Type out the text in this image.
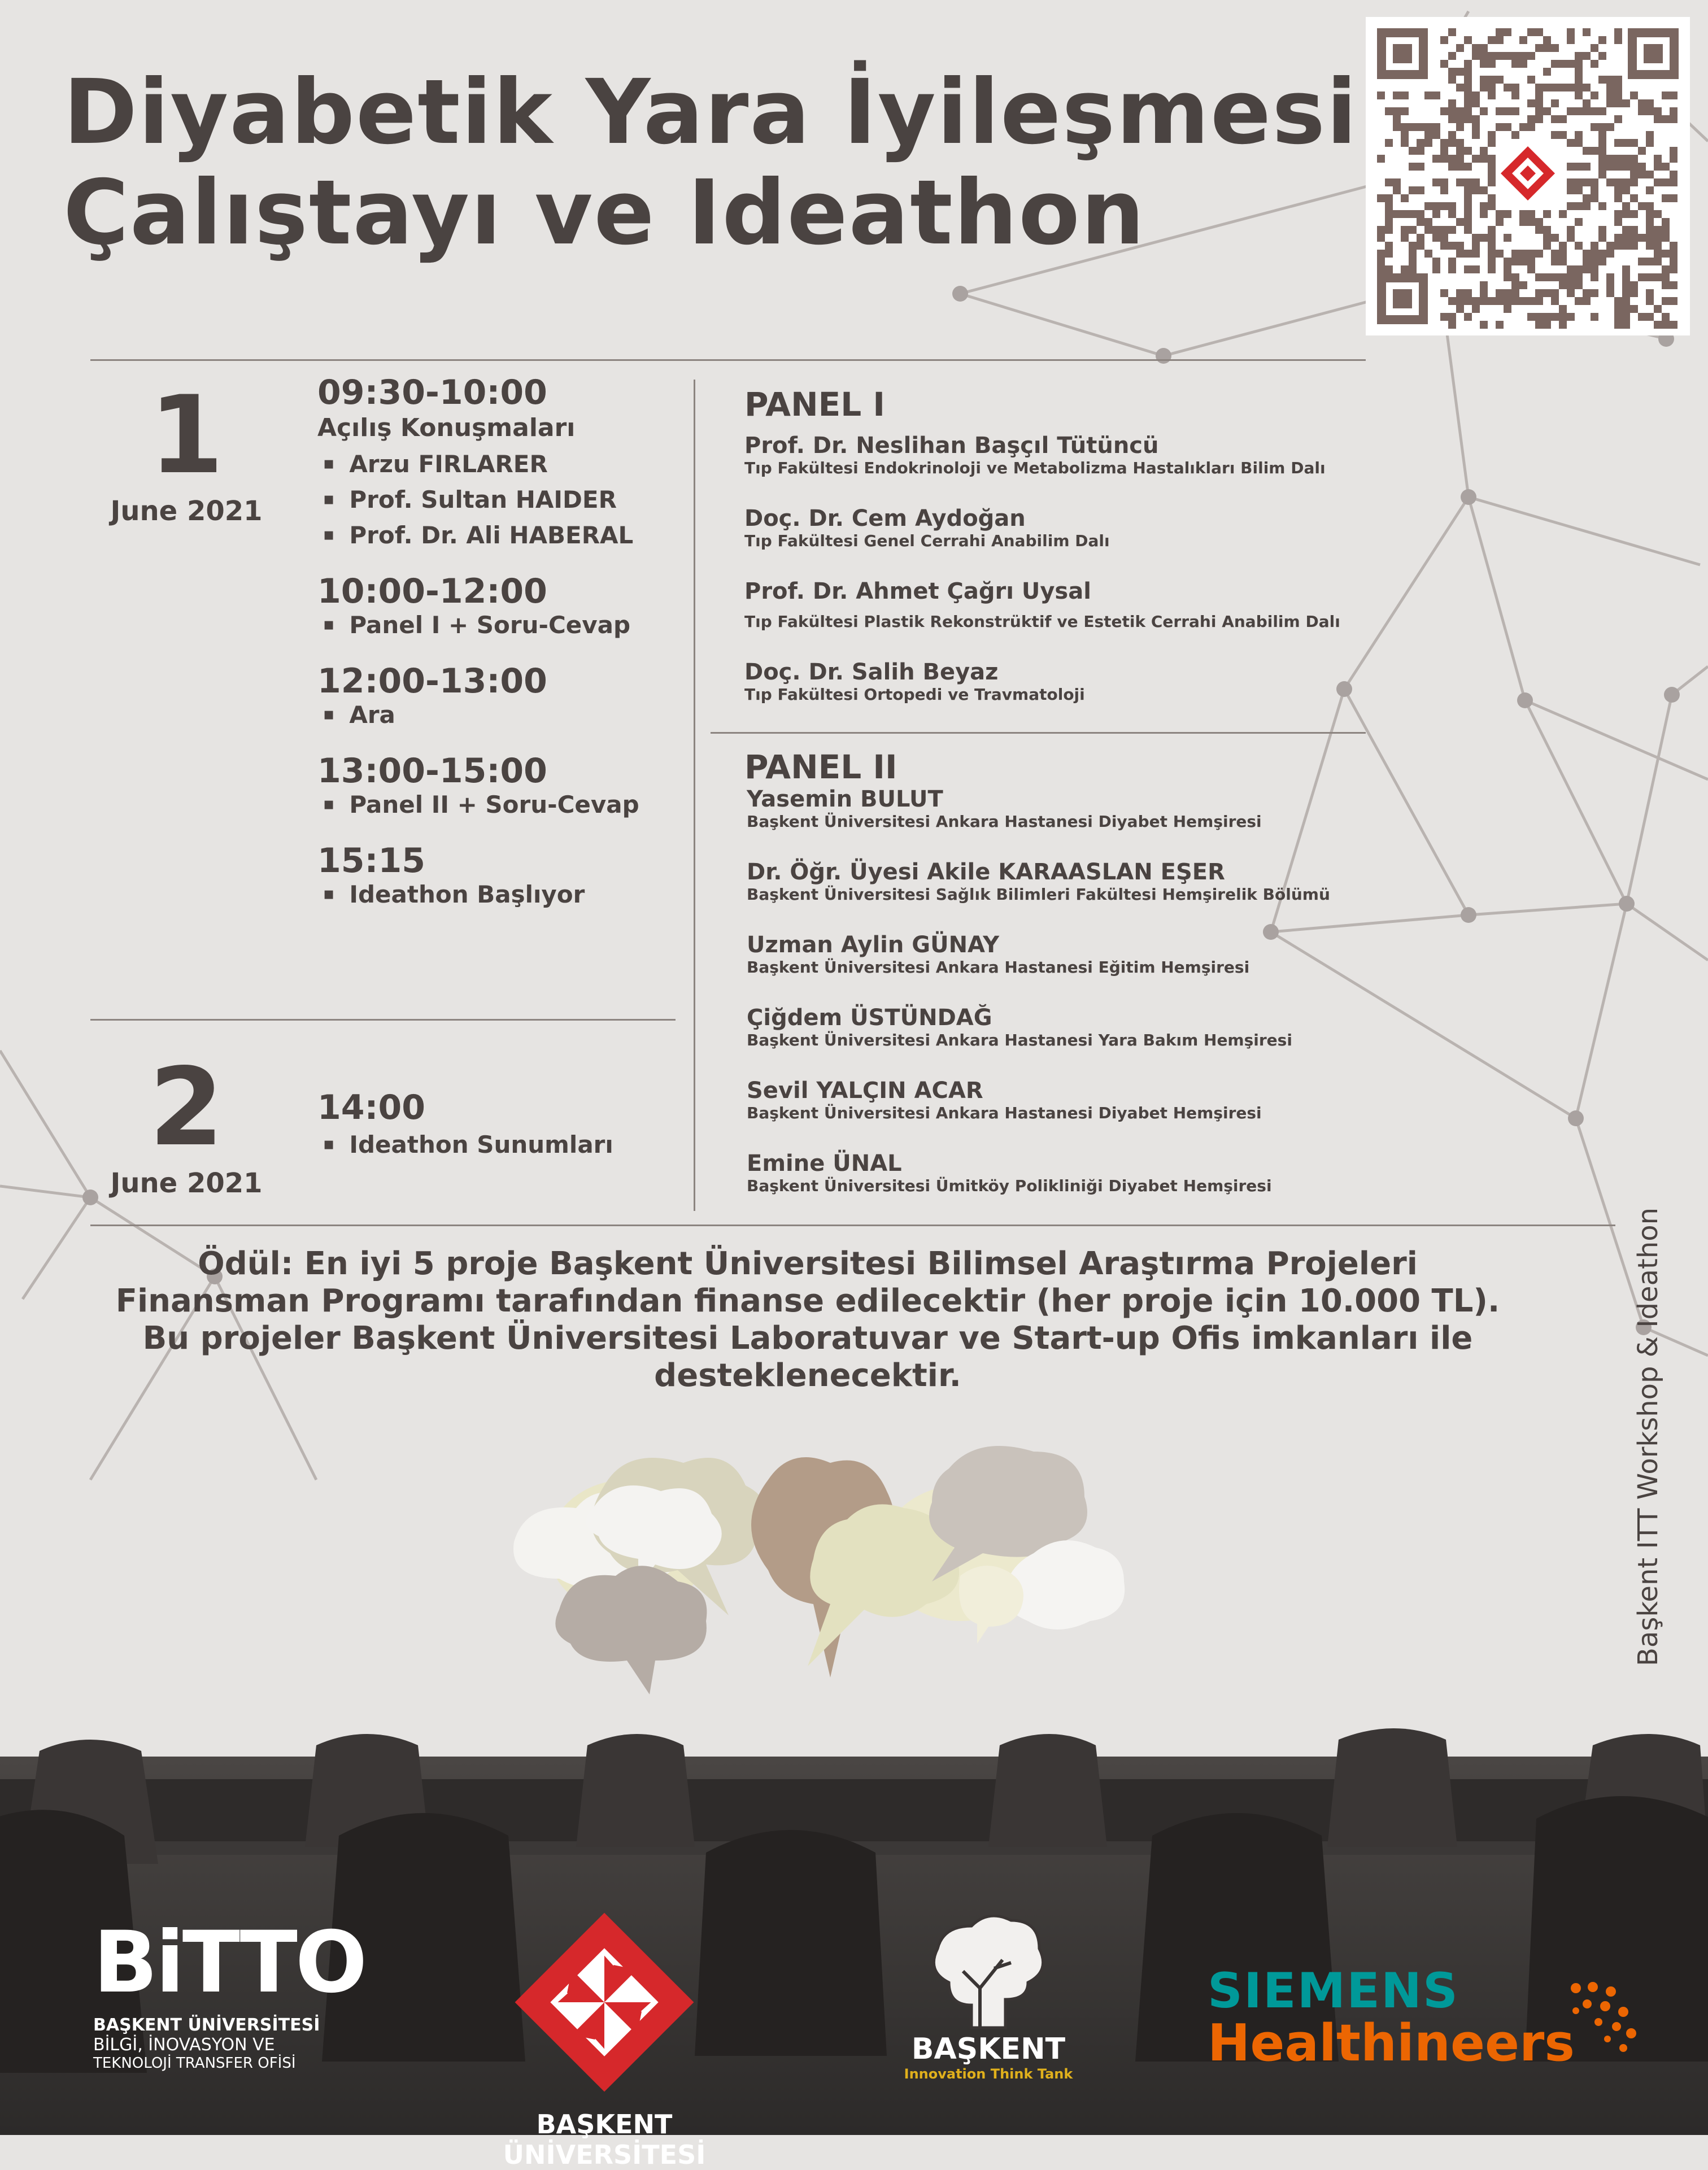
Diyabetik Yara İyileşmesi
Çalıştayı ve Ideathon
1
June 2021
09:30-10:00
Açılış Konuşmaları
▪ Arzu FIRLARER
▪ Prof. Sultan HAIDER
▪ Prof. Dr. Ali HABERAL
10:00-12:00
▪ Panel I + Soru-Cevap
12:00-13:00
▪ Ara
13:00-15:00
▪ Panel II + Soru-Cevap
15:15
▪ Ideathon Başlıyor
2
June 2021
14:00
▪ Ideathon Sunumları
PANEL I
Prof. Dr. Neslihan Başçıl Tütüncü
Tıp Fakültesi Endokrinoloji ve Metabolizma Hastalıkları Bilim Dalı
Doç. Dr. Cem Aydoğan
Tıp Fakültesi Genel Cerrahi Anabilim Dalı
Prof. Dr. Ahmet Çağrı Uysal
Tıp Fakültesi Plastik Rekonstrüktif ve Estetik Cerrahi Anabilim Dalı
Doç. Dr. Salih Beyaz
Tıp Fakültesi Ortopedi ve Travmatoloji
PANEL II
Yasemin BULUT
Başkent Üniversitesi Ankara Hastanesi Diyabet Hemşiresi
Dr. Öğr. Üyesi Akile KARAASLAN EŞER
Başkent Üniversitesi Sağlık Bilimleri Fakültesi Hemşirelik Bölümü
Uzman Aylin GÜNAY
Başkent Üniversitesi Ankara Hastanesi Eğitim Hemşiresi
Çiğdem ÜSTÜNDAĞ
Başkent Üniversitesi Ankara Hastanesi Yara Bakım Hemşiresi
Sevil YALÇIN ACAR
Başkent Üniversitesi Ankara Hastanesi Diyabet Hemşiresi
Emine ÜNAL
Başkent Üniversitesi Ümitköy Polikliniği Diyabet Hemşiresi
Ödül: En iyi 5 proje Başkent Üniversitesi Bilimsel Araştırma Projeleri
Finansman Programı tarafından finanse edilecektir (her proje için 10.000 TL).
Bu projeler Başkent Üniversitesi Laboratuvar ve Start-up Ofis imkanları ile
desteklenecektir.	Başkent ITT Workshop & Ideathon
BiTTO
BAŞKENT ÜNİVERSİTESİ
BİLGİ, İNOVASYON VE
TEKNOLOJİ TRANSFER OFİSİ
BAŞKENT ÜNİVERSİTESİ
BAŞKENT
Innovation Think Tank
SIEMENS
Healthineers
